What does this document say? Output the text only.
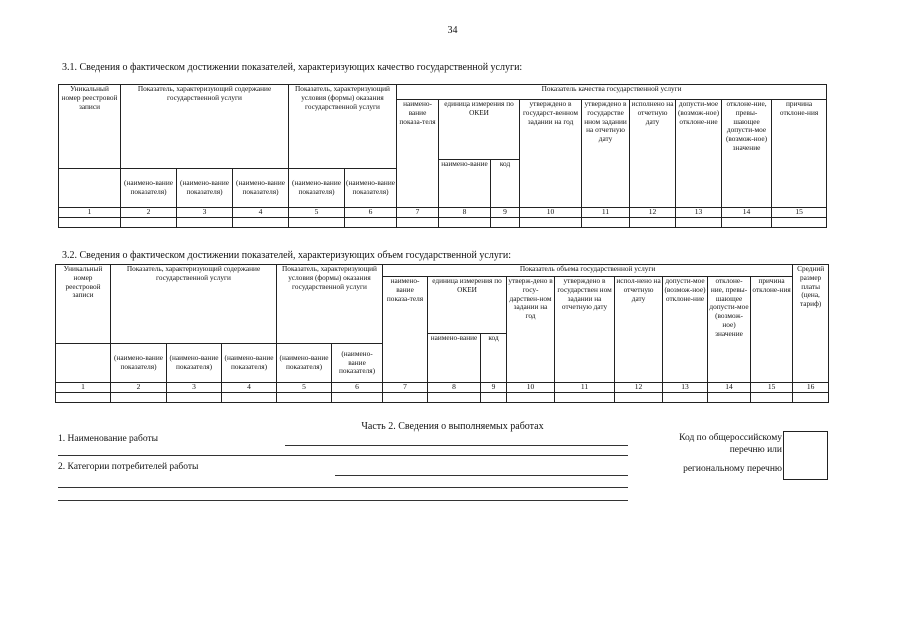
34
3.1. Сведения о фактическом достижении показателей, характеризующих качество государственной услуги:
Уникальный номер реестровой записи	Показатель, характеризующий содержание государственной услуги			Показатель, характеризующий условия (формы) оказания государственной услуги		Показатель качества государственной услуги								
						наимено-вание показа-теля	единица измерения по ОКЕИ		утверждено в государст-венном задании на год	утверждено в государстве нном задании на отчетную дату	исполнено на отчетную дату	допусти-мое (возмож-ное) отклоне-ние	отклоне-ние, превы-шающее допусти-мое (возмож-ное) значение	причина отклоне-ния
							наимено-вание	код						
	(наимено-вание показателя)	(наимено-вание показателя)	(наимено-вание показателя)	(наимено-вание показателя)	(наимено-вание показателя)									
1	2	3	4	5	6	7	8	9	10	11	12	13	14	15

3.2. Сведения о фактическом достижении показателей, характеризующих объем государственной услуги:
Уникальный номер реестровой записи	Показатель, характеризующий содержание государственной услуги			Показатель, характеризующий условия (формы) оказания государственной услуги		Показатель объема государственной услуги									Средний размер платы (цена, тариф)
						наимено-вание показа-теля	единица измерения по ОКЕИ		утверж-дено в госу-дарствен-ном задании на год	утверждено в государствен ном задании на отчетную дату	испол-нено на отчетную дату	допусти-мое (возмож-ное) отклоне-ние	отклоне-ние, превы-шающее допусти-мое (возмож-ное) значение	причина отклоне-ния	
							наимено-вание	код							
	(наимено-вание показателя)	(наимено-вание показателя)	(наимено-вание показателя)	(наимено-вание показателя)	(наимено-вание показателя)										
1	2	3	4	5	6	7	8	9	10	11	12	13	14	15	16

Часть 2. Сведения о выполняемых работах
1. Наименование работы
2. Категории потребителей работы
Код по общероссийскому
перечню или
региональному перечню
